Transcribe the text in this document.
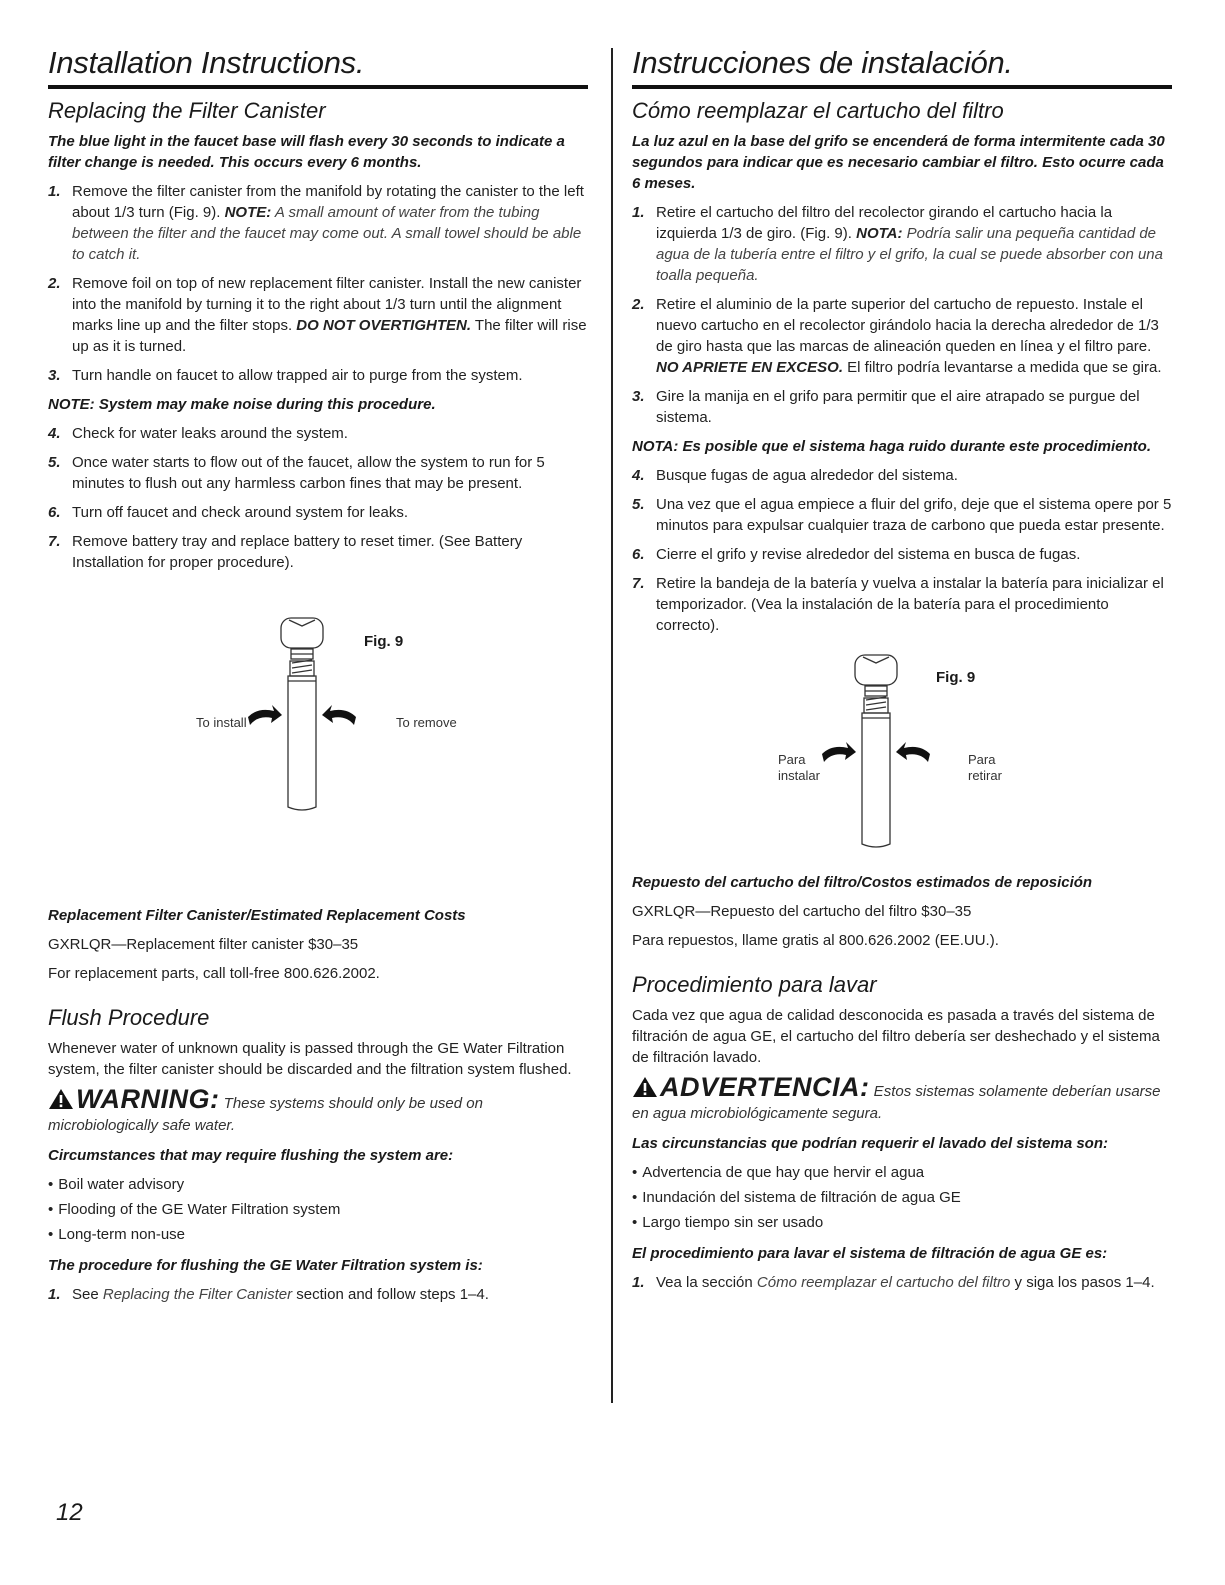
Installation Instructions.
Replacing the Filter Canister

The blue light in the faucet base will flash every 30 seconds to indicate a filter change is needed. This occurs every 6 months.

1. Remove the filter canister from the manifold by rotating the canister to the left about 1/3 turn (Fig. 9). NOTE: A small amount of water from the tubing between the filter and the faucet may come out. A small towel should be able to catch it.
2. Remove foil on top of new replacement filter canister. Install the new canister into the manifold by turning it to the right about 1/3 turn until the alignment marks line up and the filter stops. DO NOT OVERTIGHTEN. The filter will rise up as it is turned.
3. Turn handle on faucet to allow trapped air to purge from the system.

NOTE: System may make noise during this procedure.

4. Check for water leaks around the system.
5. Once water starts to flow out of the faucet, allow the system to run for 5 minutes to flush out any harmless carbon fines that may be present.
6. Turn off faucet and check around system for leaks.
7. Remove battery tray and replace battery to reset timer. (See Battery Installation for proper procedure).
Fig. 9
To install	To remove

Replacement Filter Canister/Estimated Replacement Costs

GXRLQR—Replacement filter canister $30–35

For replacement parts, call toll-free 800.626.2002.

Flush Procedure

Whenever water of unknown quality is passed through the GE Water Filtration system, the filter canister should be discarded and the filtration system flushed.

WARNING: These systems should only be used on microbiologically safe water.

Circumstances that may require flushing the system are:

• Boil water advisory
• Flooding of the GE Water Filtration system
• Long-term non-use

The procedure for flushing the GE Water Filtration system is:

1. See Replacing the Filter Canister section and follow steps 1–4.
Instrucciones de instalación.
Cómo reemplazar el cartucho del filtro

La luz azul en la base del grifo se encenderá de forma intermitente cada 30 segundos para indicar que es necesario cambiar el filtro. Esto ocurre cada 6 meses.

1. Retire el cartucho del filtro del recolector girando el cartucho hacia la izquierda 1/3 de giro. (Fig. 9). NOTA: Podría salir una pequeña cantidad de agua de la tubería entre el filtro y el grifo, la cual se puede absorber con una toalla pequeña.
2. Retire el aluminio de la parte superior del cartucho de repuesto. Instale el nuevo cartucho en el recolector girándolo hacia la derecha alrededor de 1/3 de giro hasta que las marcas de alineación queden en línea y el filtro pare. NO APRIETE EN EXCESO. El filtro podría levantarse a medida que se gira.
3. Gire la manija en el grifo para permitir que el aire atrapado se purgue del sistema.

NOTA: Es posible que el sistema haga ruido durante este procedimiento.

4. Busque fugas de agua alrededor del sistema.
5. Una vez que el agua empiece a fluir del grifo, deje que el sistema opere por 5 minutos para expulsar cualquier traza de carbono que pueda estar presente.
6. Cierre el grifo y revise alrededor del sistema en busca de fugas.
7. Retire la bandeja de la batería y vuelva a instalar la batería para inicializar el temporizador. (Vea la instalación de la batería para el procedimiento correcto).
Fig. 9
Para
instalar
Para
retirar

Repuesto del cartucho del filtro/Costos estimados de reposición

GXRLQR—Repuesto del cartucho del filtro $30–35

Para repuestos, llame gratis al 800.626.2002 (EE.UU.).

Procedimiento para lavar

Cada vez que agua de calidad desconocida es pasada a través del sistema de filtración de agua GE, el cartucho del filtro debería ser deshechado y el sistema de filtración lavado.

ADVERTENCIA: Estos sistemas solamente deberían usarse en agua microbiológicamente segura.

Las circunstancias que podrían requerir el lavado del sistema son:

• Advertencia de que hay que hervir el agua
• Inundación del sistema de filtración de agua GE
• Largo tiempo sin ser usado

El procedimiento para lavar el sistema de filtración de agua GE es:

1. Vea la sección Cómo reemplazar el cartucho del filtro y siga los pasos 1–4.
12
